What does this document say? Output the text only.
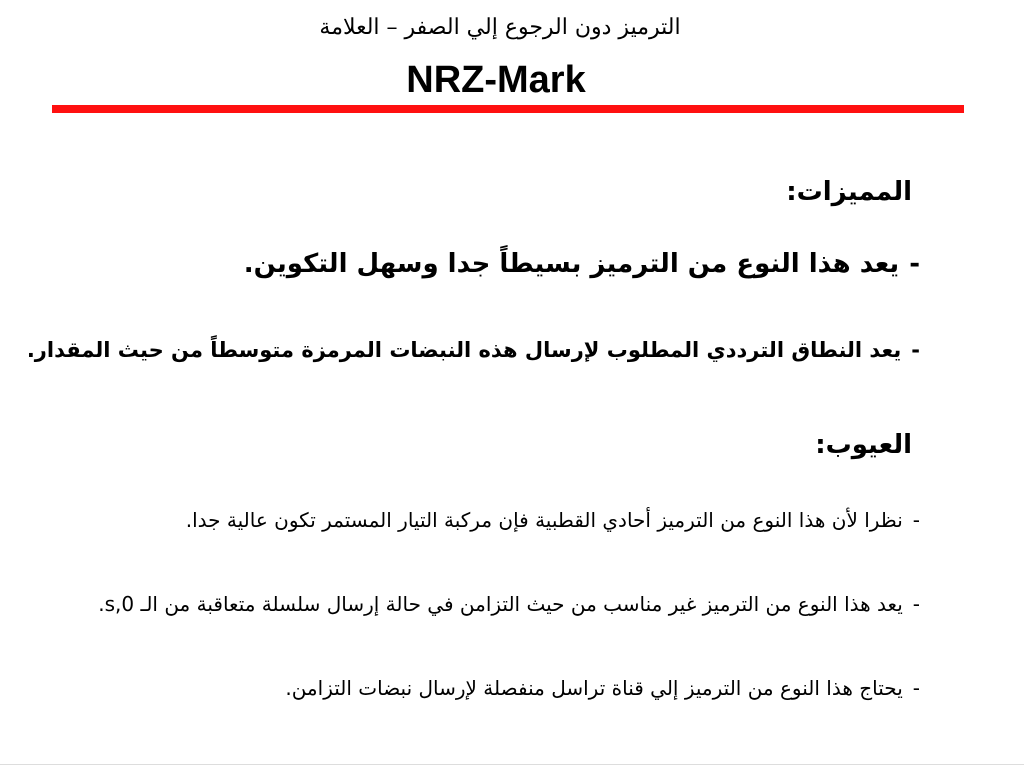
الترميز دون الرجوع إلي الصفر – العلامة
NRZ-Mark
المميزات:
-يعد هذا النوع من الترميز بسيطاً جدا وسهل التكوين.
-يعد النطاق الترددي المطلوب لإرسال هذه النبضات المرمزة متوسطاً من حيث المقدار.
العيوب:
-نظرا لأن هذا النوع من الترميز أحادي القطبية فإن مركبة التيار المستمر تكون عالية جدا.
-يعد هذا النوع من الترميز غير مناسب من حيث التزامن في حالة إرسال سلسلة متعاقبة من الـ 0,s.
-يحتاج هذا النوع من الترميز إلي قناة تراسل منفصلة لإرسال نبضات التزامن.
